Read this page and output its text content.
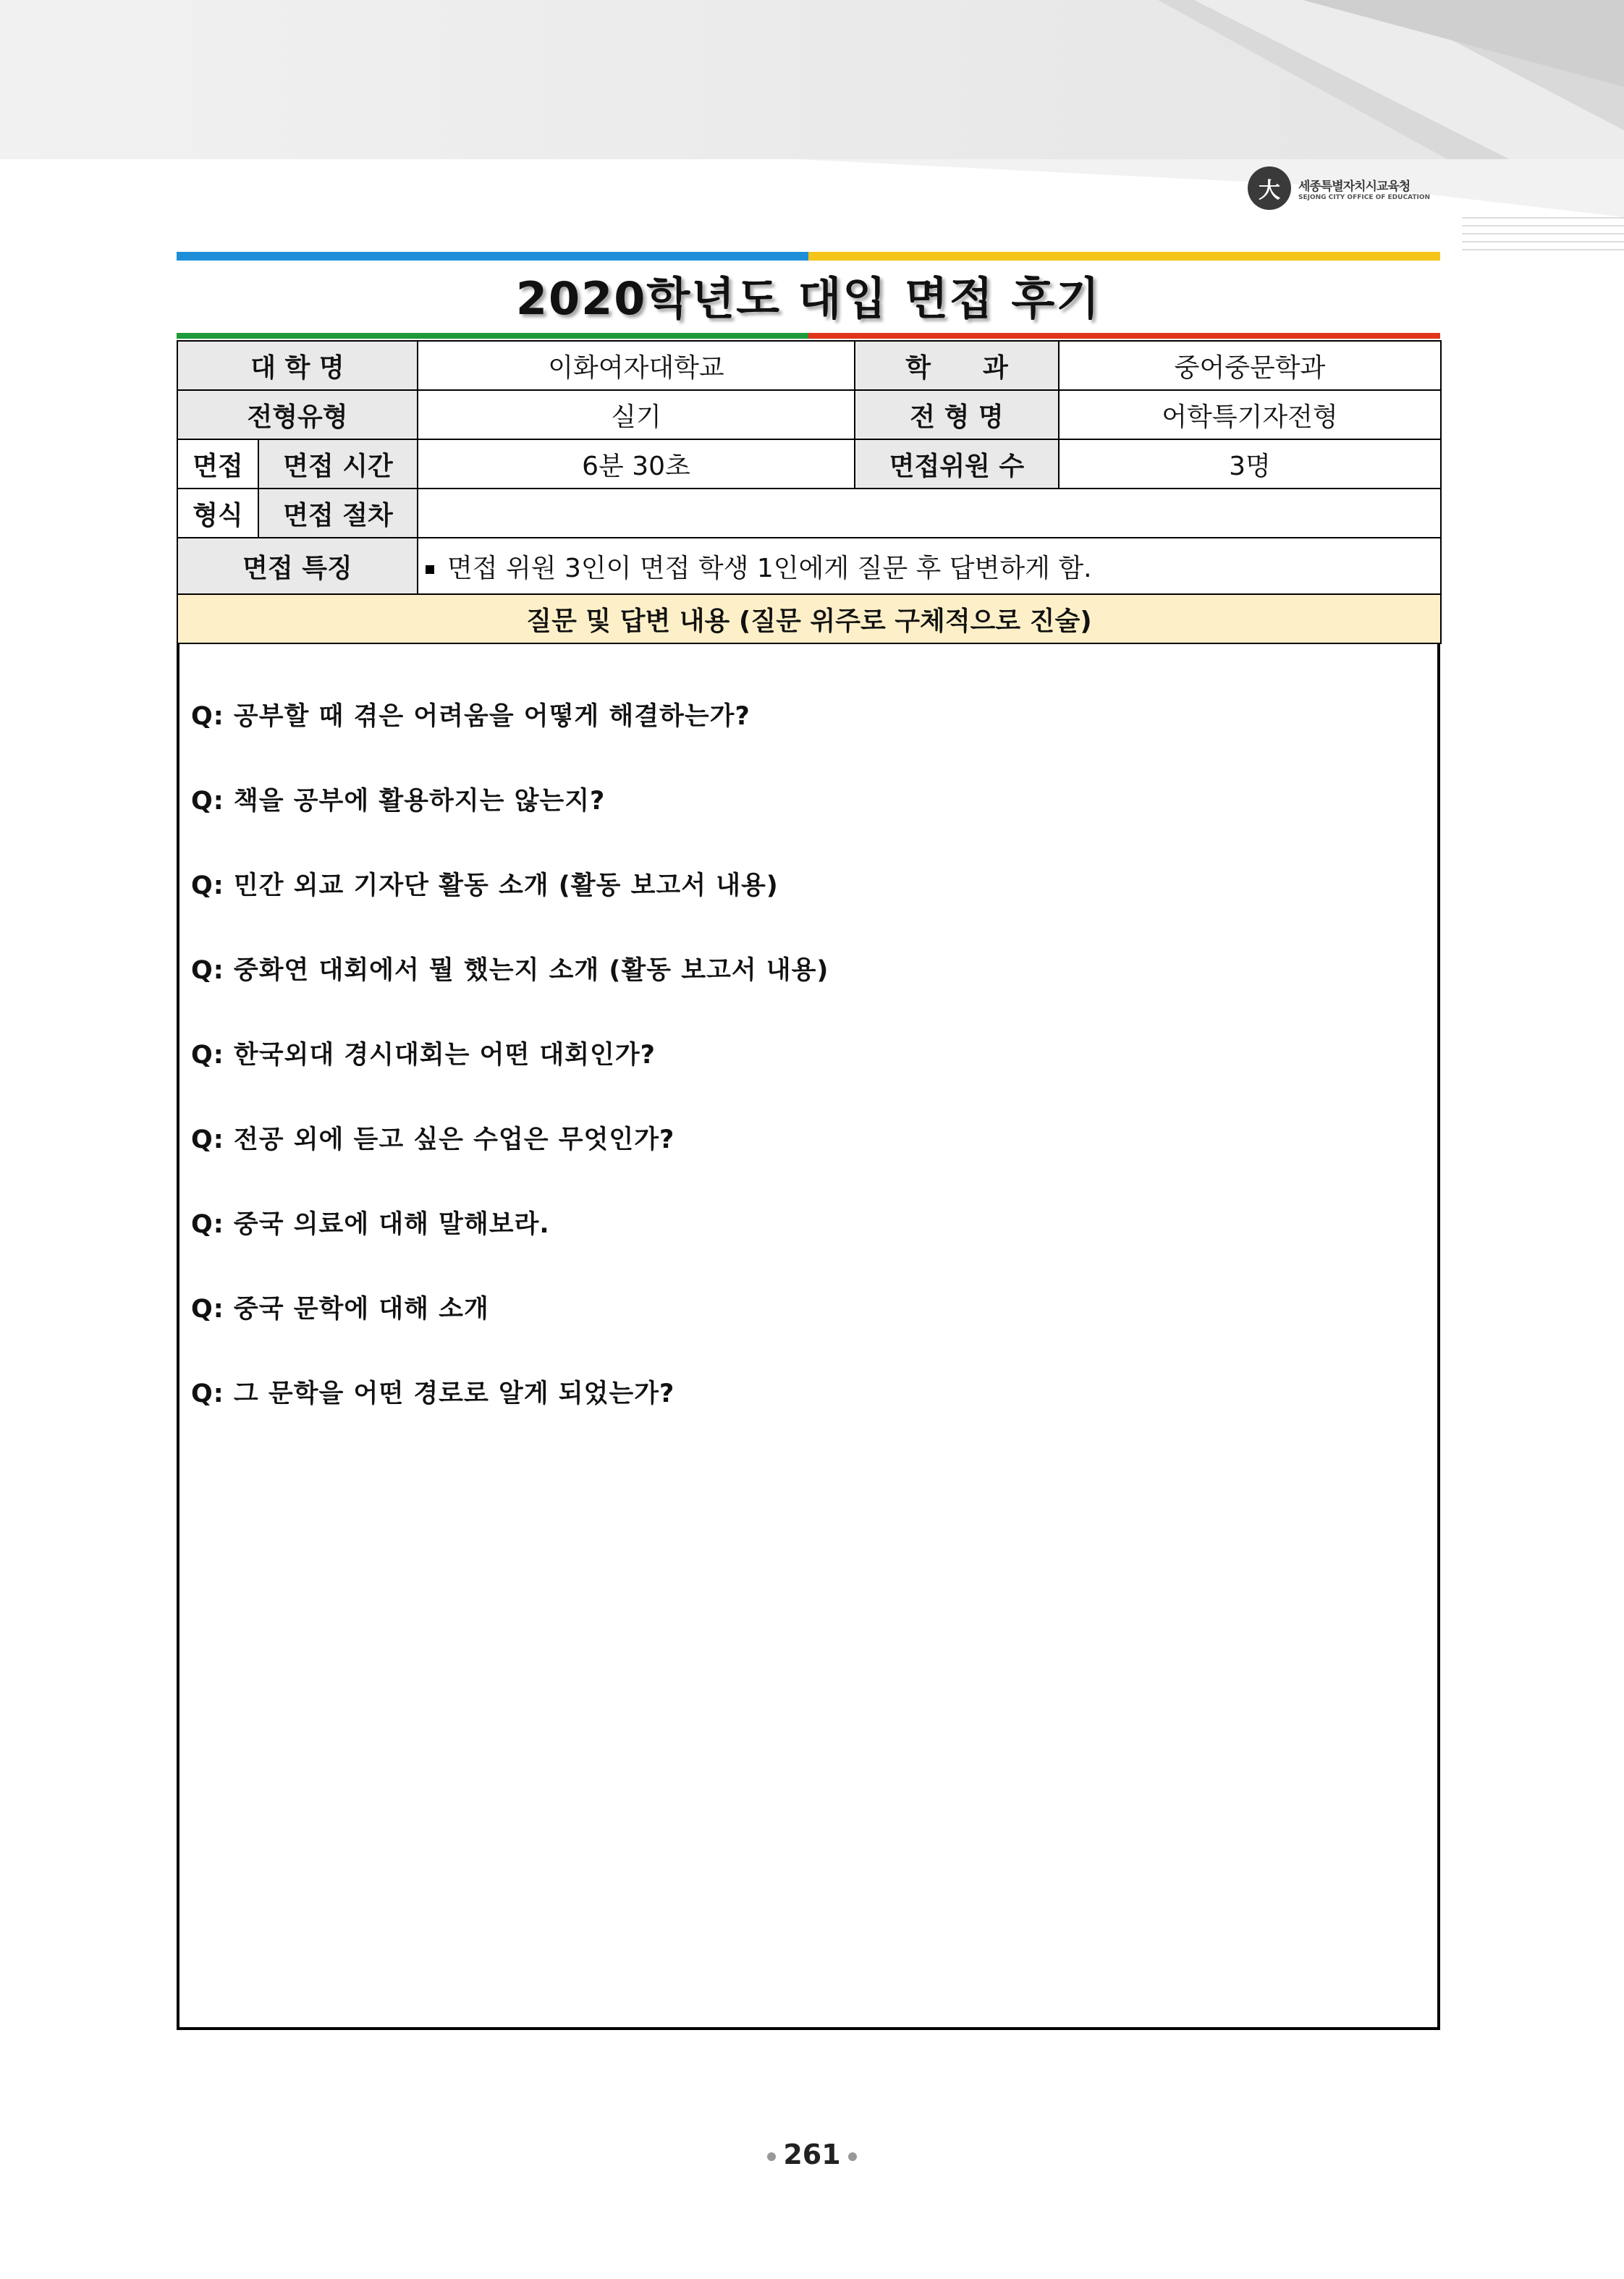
大	세종특별자치시교육청
SEJONG CITY OFFICE OF EDUCATION
2020학년도 대입 면접 후기
대 학 명		이화여자대학교	학　　과	중어중문학과
전형유형		실기	전 형 명	어학특기자전형
면접	면접 시간	6분 30초	면접위원 수	3명
형식	면접 절차			
면접 특징		면접 위원 3인이 면접 학생 1인에게 질문 후 답변하게 함.		
질문 및 답변 내용 (질문 위주로 구체적으로 진술)				
Q: 공부할 때 겪은 어려움을 어떻게 해결하는가?
Q: 책을 공부에 활용하지는 않는지?
Q: 민간 외교 기자단 활동 소개 (활동 보고서 내용)
Q: 중화연 대회에서 뭘 했는지 소개 (활동 보고서 내용)
Q: 한국외대 경시대회는 어떤 대회인가?
Q: 전공 외에 듣고 싶은 수업은 무엇인가?
Q: 중국 의료에 대해 말해보라.
Q: 중국 문학에 대해 소개
Q: 그 문학을 어떤 경로로 알게 되었는가?
261
